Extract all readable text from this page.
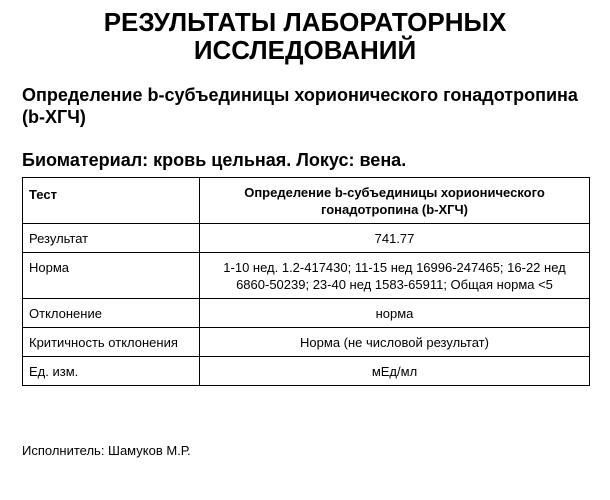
РЕЗУЛЬТАТЫ ЛАБОРАТОРНЫХ ИССЛЕДОВАНИЙ
Определение b-субъединицы хорионического гонадотропина (b-ХГЧ)
Биоматериал: кровь цельная. Локус: вена.
Тест	Определение b-субъединицы хорионического гонадотропина (b-ХГЧ)
Результат	741.77
Норма	1-10 нед. 1.2-417430; 11-15 нед 16996-247465; 16-22 нед 6860-50239; 23-40 нед 1583-65911; Общая норма <5
Отклонение	норма
Критичность отклонения	Норма (не числовой результат)
Ед. изм.	мЕд/мл

Исполнитель: Шамуков М.Р.
